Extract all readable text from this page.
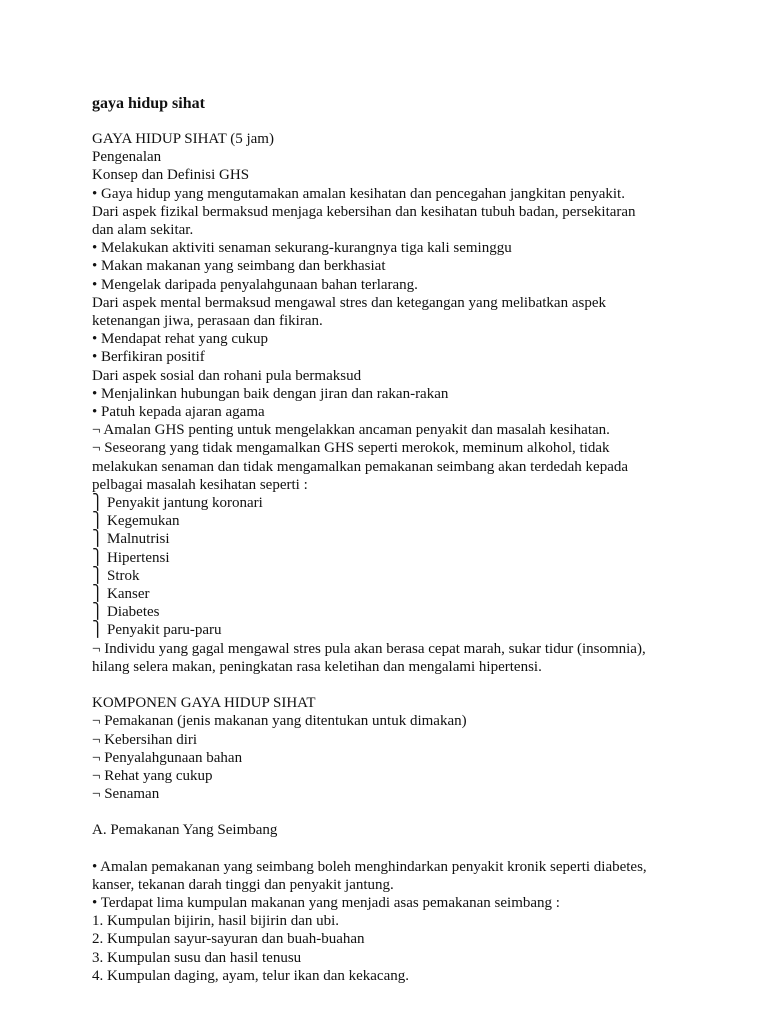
gaya hidup sihat
GAYA HIDUP SIHAT (5 jam)
Pengenalan
Konsep dan Definisi GHS
• Gaya hidup yang mengutamakan amalan kesihatan dan pencegahan jangkitan penyakit.
Dari aspek fizikal bermaksud menjaga kebersihan dan kesihatan tubuh badan, persekitaran
dan alam sekitar.
• Melakukan aktiviti senaman sekurang-kurangnya tiga kali seminggu
• Makan makanan yang seimbang dan berkhasiat
• Mengelak daripada penyalahgunaan bahan terlarang.
Dari aspek mental bermaksud mengawal stres dan ketegangan yang melibatkan aspek
ketenangan jiwa, perasaan dan fikiran.
• Mendapat rehat yang cukup
• Berfikiran positif
Dari aspek sosial dan rohani pula bermaksud
• Menjalinkan hubungan baik dengan jiran dan rakan-rakan
• Patuh kepada ajaran agama
¬ Amalan GHS penting untuk mengelakkan ancaman penyakit dan masalah kesihatan.
¬ Seseorang yang tidak mengamalkan GHS seperti merokok, meminum alkohol, tidak
melakukan senaman dan tidak mengamalkan pemakanan seimbang akan terdedah kepada
pelbagai masalah kesihatan seperti :
⎫ Penyakit jantung koronari
⎫ Kegemukan
⎫ Malnutrisi
⎫ Hipertensi
⎫ Strok
⎫ Kanser
⎫ Diabetes
⎫ Penyakit paru-paru
¬ Individu yang gagal mengawal stres pula akan berasa cepat marah, sukar tidur (insomnia),
hilang selera makan, peningkatan rasa keletihan dan mengalami hipertensi.
KOMPONEN GAYA HIDUP SIHAT
¬ Pemakanan (jenis makanan yang ditentukan untuk dimakan)
¬ Kebersihan diri
¬ Penyalahgunaan bahan
¬ Rehat yang cukup
¬ Senaman
A. Pemakanan Yang Seimbang
• Amalan pemakanan yang seimbang boleh menghindarkan penyakit kronik seperti diabetes,
kanser, tekanan darah tinggi dan penyakit jantung.
• Terdapat lima kumpulan makanan yang menjadi asas pemakanan seimbang :
1. Kumpulan bijirin, hasil bijirin dan ubi.
2. Kumpulan sayur-sayuran dan buah-buahan
3. Kumpulan susu dan hasil tenusu
4. Kumpulan daging, ayam, telur ikan dan kekacang.
